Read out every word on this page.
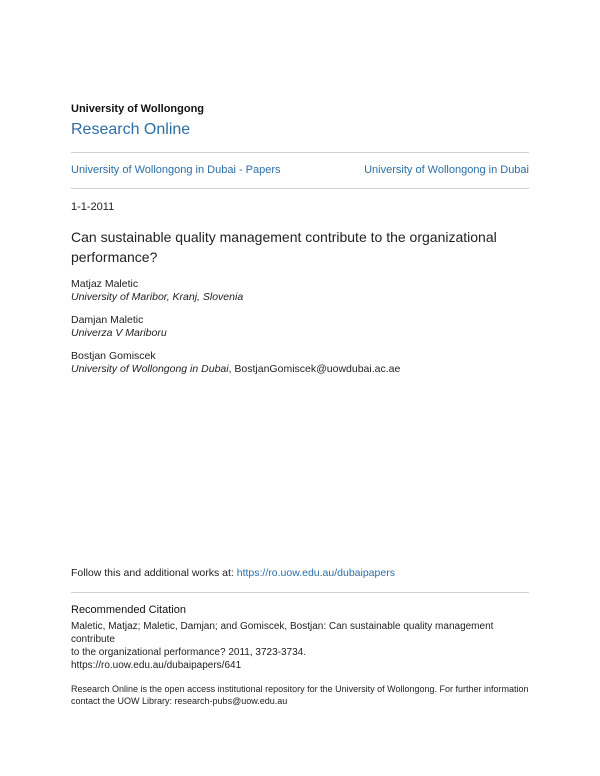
University of Wollongong
Research Online
University of Wollongong in Dubai - Papers	University of Wollongong in Dubai
1-1-2011
Can sustainable quality management contribute to the organizational performance?
Matjaz Maletic
University of Maribor, Kranj, Slovenia
Damjan Maletic
Univerza V Mariboru
Bostjan Gomiscek
University of Wollongong in Dubai, BostjanGomiscek@uowdubai.ac.ae
Follow this and additional works at: https://ro.uow.edu.au/dubaipapers
Recommended Citation
Maletic, Matjaz; Maletic, Damjan; and Gomiscek, Bostjan: Can sustainable quality management contribute
to the organizational performance? 2011, 3723-3734.
https://ro.uow.edu.au/dubaipapers/641
Research Online is the open access institutional repository for the University of Wollongong. For further information
contact the UOW Library: research-pubs@uow.edu.au
